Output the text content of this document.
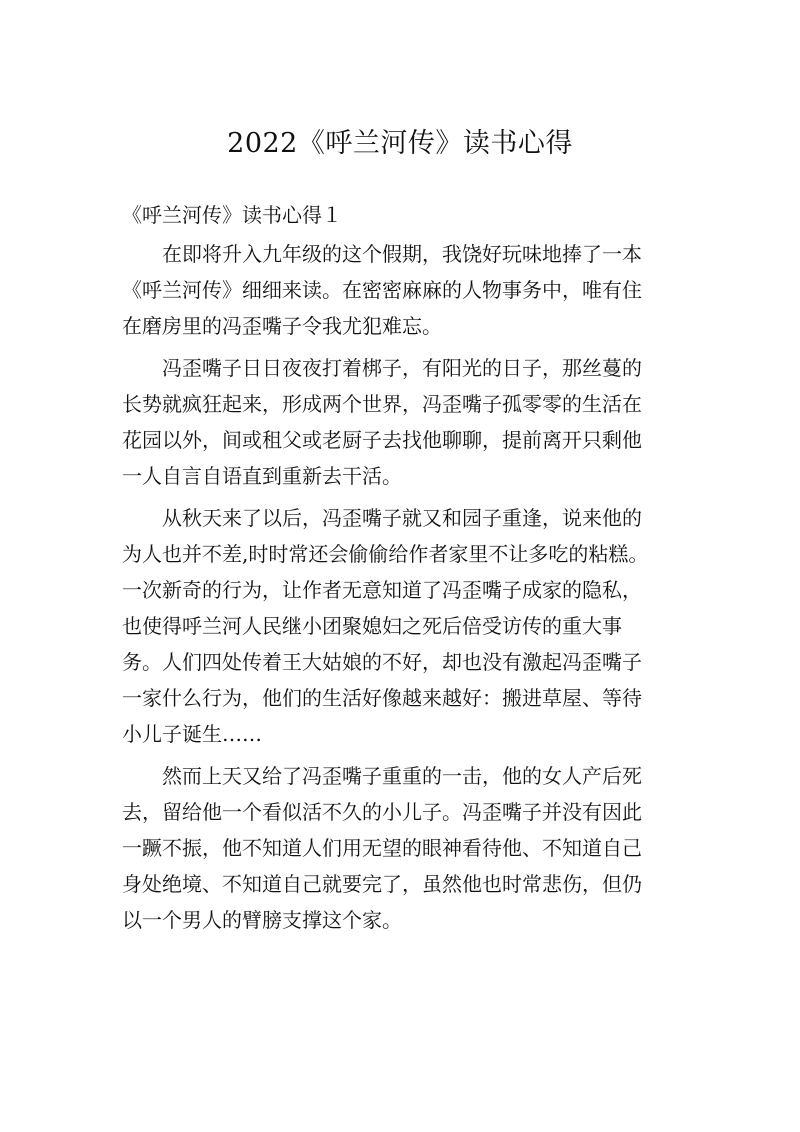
2022《呼兰河传》读书心得
《呼兰河传》读书心得１
在即将升入九年级的这个假期，我饶好玩味地捧了一本
《呼兰河传》细细来读。在密密麻麻的人物事务中，唯有住
在磨房里的冯歪嘴子令我尤犯难忘。
冯歪嘴子日日夜夜打着梆子，有阳光的日子，那丝蔓的
长势就疯狂起来，形成两个世界，冯歪嘴子孤零零的生活在
花园以外，间或租父或老厨子去找他聊聊，提前离开只剩他
一人自言自语直到重新去干活。
从秋天来了以后，冯歪嘴子就又和园子重逢，说来他的
为人也并不差,时时常还会偷偷给作者家里不让多吃的粘糕。
一次新奇的行为，让作者无意知道了冯歪嘴子成家的隐私，
也使得呼兰河人民继小团聚媳妇之死后倍受访传的重大事
务。人们四处传着王大姑娘的不好，却也没有激起冯歪嘴子
一家什么行为，他们的生活好像越来越好：搬进草屋、等待
小儿子诞生……
然而上天又给了冯歪嘴子重重的一击，他的女人产后死
去，留给他一个看似活不久的小儿子。冯歪嘴子并没有因此
一蹶不振，他不知道人们用无望的眼神看待他、不知道自己
身处绝境、不知道自己就要完了，虽然他也时常悲伤，但仍
以一个男人的臂膀支撑这个家。
